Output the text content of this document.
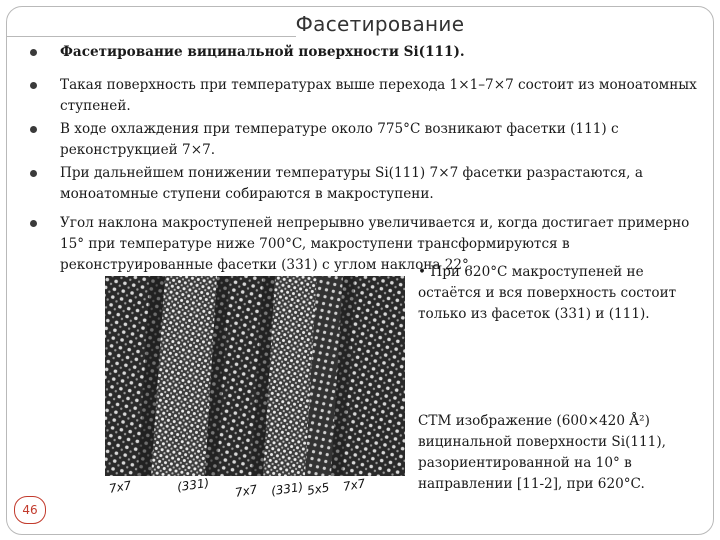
Фасетирование
Фасетирование вицинальной поверхности Si(111).
Такая поверхность при температурах выше перехода 1×1–7×7 состоит из моноатомных ступеней.
В ходе охлаждения при температуре около 775°C возникают фасетки (111) с реконструкцией 7×7.
При дальнейшем понижении температуры Si(111) 7×7 фасетки разрастаются, а моноатомные ступени собираются в макроступени.
Угол наклона макроступеней непрерывно увеличивается и, когда достигает примерно 15° при температуре ниже 700°C, макроступени трансформируются в реконструированные фасетки (331) с углом наклона 22°.
• При 620°C макроступеней не остаётся и вся поверхность состоит только из фасеток (331) и (111).
7x7	(331) 7x7 (331) 5x5 7x7
СТМ изображение (600×420 Å²) вицинальной поверхности Si(111), разориентированной на 10° в направлении [11-2], при 620°C.
46
